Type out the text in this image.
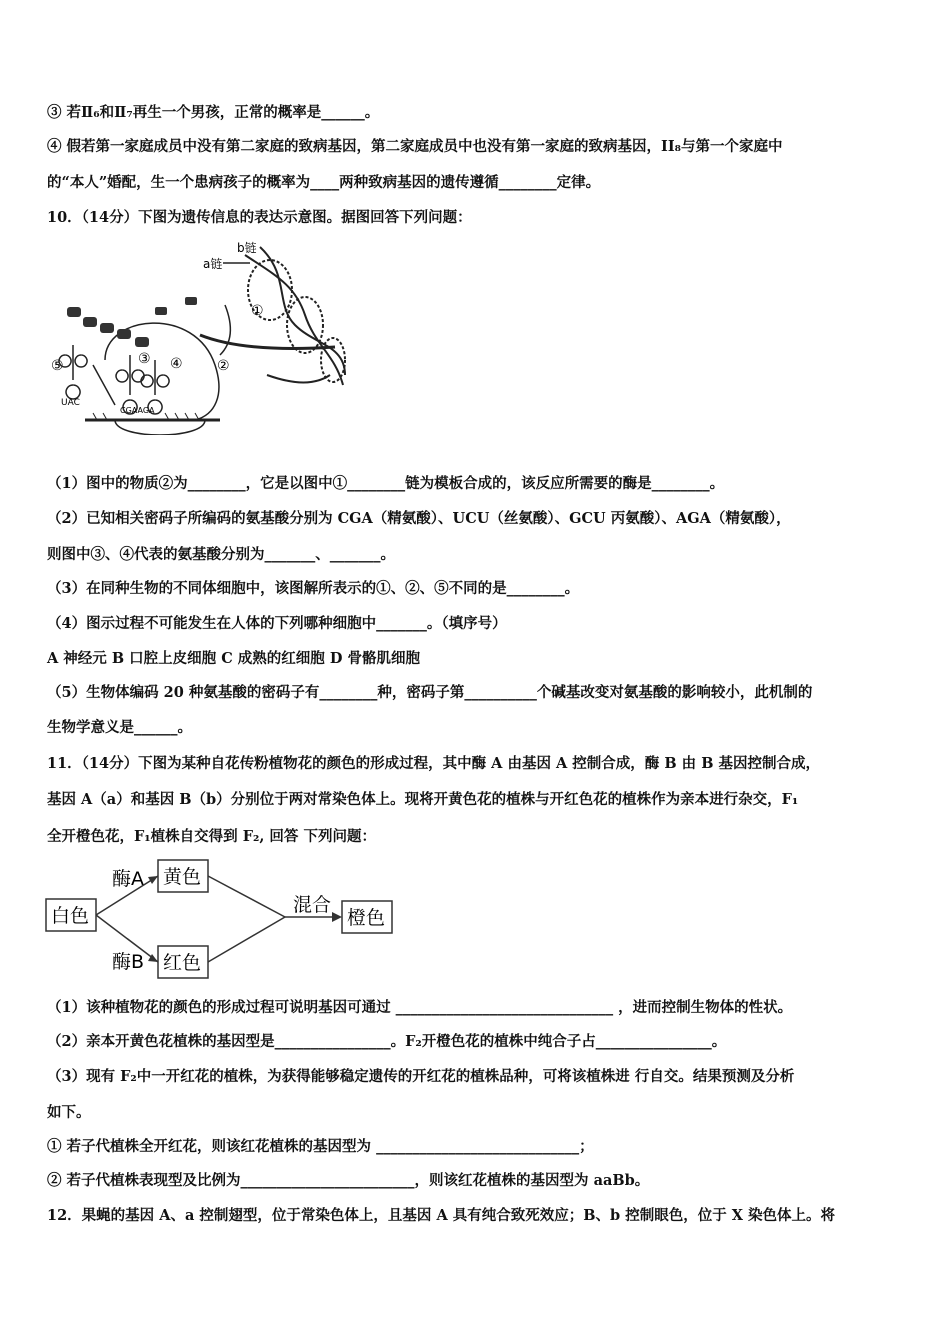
③ 若Ⅱ₆和Ⅱ₇再生一个男孩，正常的概率是______。
④ 假若第一家庭成员中没有第二家庭的致病基因，第二家庭成员中也没有第一家庭的致病基因，II₈与第一个家庭中
的“本人”婚配，生一个患病孩子的概率为____两种致病基因的遗传遵循________定律。
10．（14分）下图为遗传信息的表达示意图。据图回答下列问题：
b链
a链
①
②
③ ④
⑤
UAC
CGAAGA
（1）图中的物质②为________，它是以图中①________链为模板合成的，该反应所需要的酶是________。
（2）已知相关密码子所编码的氨基酸分别为 CGA（精氨酸）、UCU（丝氨酸）、GCU 丙氨酸）、AGA（精氨酸），
则图中③、④代表的氨基酸分别为_______、_______。
（3）在同种生物的不同体细胞中，该图解所表示的①、②、⑤不同的是________。
（4）图示过程不可能发生在人体的下列哪种细胞中_______。（填序号）
A 神经元 B 口腔上皮细胞 C 成熟的红细胞 D 骨骼肌细胞
（5）生物体编码 20 种氨基酸的密码子有________种，密码子第__________个碱基改变对氨基酸的影响较小，此机制的
生物学意义是______。
11．（14分）下图为某种自花传粉植物花的颜色的形成过程，其中酶 A 由基因 A 控制合成，酶 B 由 B 基因控制合成，
基因 A（a）和基因 B（b）分别位于两对常染色体上。现将开黄色花的植株与开红色花的植株作为亲本进行杂交，F₁
全开橙色花，F₁植株自交得到 F₂, 回答 下列问题：
白色
黄色
红色
橙色
酶A
酶B
混合
（1）该种植物花的颜色的形成过程可说明基因可通过 ______________________________ ，进而控制生物体的性状。
（2）亲本开黄色花植株的基因型是________________。F₂开橙色花的植株中纯合子占________________。
（3）现有 F₂中一开红花的植株，为获得能够稳定遗传的开红花的植株品种，可将该植株进 行自交。结果预测及分析
如下。
① 若子代植株全开红花，则该红花植株的基因型为 ____________________________；
② 若子代植株表现型及比例为________________________，则该红花植株的基因型为 aaBb。
12．果蝇的基因 A、a 控制翅型，位于常染色体上，且基因 A 具有纯合致死效应；B、b 控制眼色，位于 X 染色体上。将
